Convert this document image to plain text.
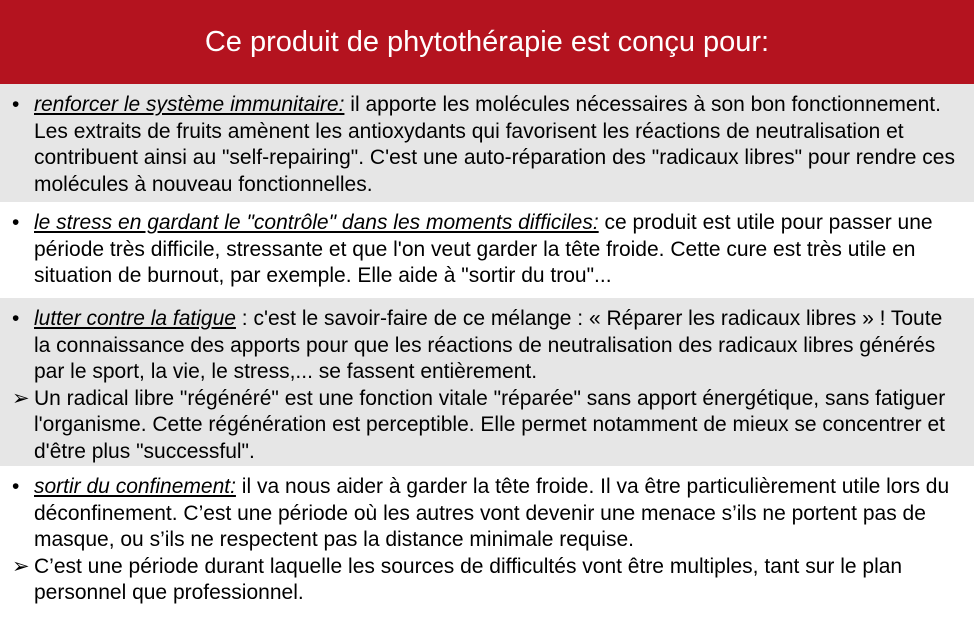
Ce produit de phytothérapie est conçu pour:
• renforcer le système immunitaire: il apporte les molécules nécessaires à son bon fonctionnement. Les extraits de fruits amènent les antioxydants qui favorisent les réactions de neutralisation et contribuent ainsi au "self-repairing". C'est une auto-réparation des "radicaux libres" pour rendre ces molécules à nouveau fonctionnelles.
• le stress en gardant le "contrôle" dans les moments difficiles: ce produit est utile pour passer une période très difficile, stressante et que l'on veut garder la tête froide. Cette cure est très utile en situation de burnout, par exemple. Elle aide à "sortir du trou"...
• lutter contre la fatigue : c'est le savoir-faire de ce mélange : « Réparer les radicaux libres » ! Toute la connaissance des apports pour que les réactions de neutralisation des radicaux libres générés par le sport, la vie, le stress,... se fassent entièrement.
➢ Un radical libre "régénéré" est une fonction vitale "réparée" sans apport énergétique, sans fatiguer l'organisme. Cette régénération est perceptible. Elle permet notamment de mieux se concentrer et d'être plus "successful".
• sortir du confinement: il va nous aider à garder la tête froide. Il va être particulièrement utile lors du déconfinement. C’est une période où les autres vont devenir une menace s’ils ne portent pas de masque, ou s’ils ne respectent pas la distance minimale requise.
➢ C’est une période durant laquelle les sources de difficultés vont être multiples, tant sur le plan personnel que professionnel.
